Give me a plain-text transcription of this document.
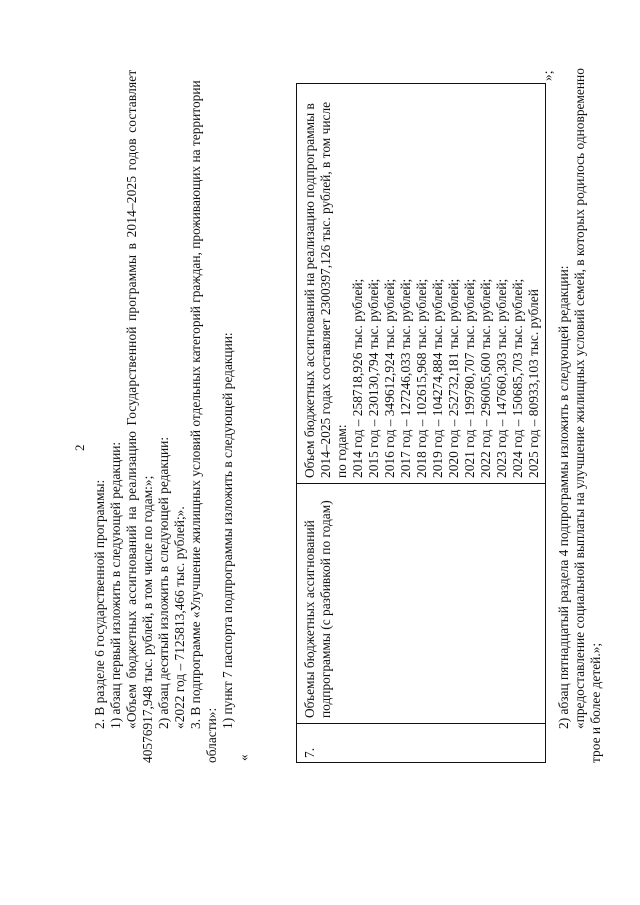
2
2. В разделе 6 государственной программы: 1) абзац первый изложить в следующей редакции: «Объем бюджетных ассигнований на реализацию Государственной программы в 2014–2025 годов составляет 40576917,948 тыс. рублей, в том числе по годам:»; 2) абзац десятый изложить в следующей редакции: «2022 год – 7125813,466 тыс. рублей;». 3. В подпрограмме «Улучшение жилищных условий отдельных категорий граждан, проживающих на территории
области»:
1) пункт 7 паспорта подпрограммы изложить в следующей редакции:
«	7.
Объемы бюджетных ассигнований подпрограммы (с разбивкой по годам)
Объем бюджетных ассигнований на реализацию подпрограммы в 2014–2025 годах составляет 2300397,126 тыс. рублей, в том числе по годам: 2014 год – 258718,926 тыс. рублей; 2015 год – 230130,794 тыс. рублей; 2016 год – 349612,924 тыс. рублей; 2017 год – 127246,033 тыс. рублей; 2018 год – 102615,968 тыс. рублей; 2019 год – 104274,884 тыс. рублей; 2020 год – 252732,181 тыс. рублей; 2021 год – 199780,707 тыс. рублей; 2022 год – 296005,600 тыс. рублей; 2023 год – 147660,303 тыс. рублей; 2024 год – 150685,703 тыс. рублей; 2025 год – 80933,103 тыс. рублей
»;
2) абзац пятнадцатый раздела 4 подпрограммы изложить в следующей редакции: «предоставление социальной выплаты на улучшение жилищных условий семей, в которых родилось одновременно трое и более детей.»;
